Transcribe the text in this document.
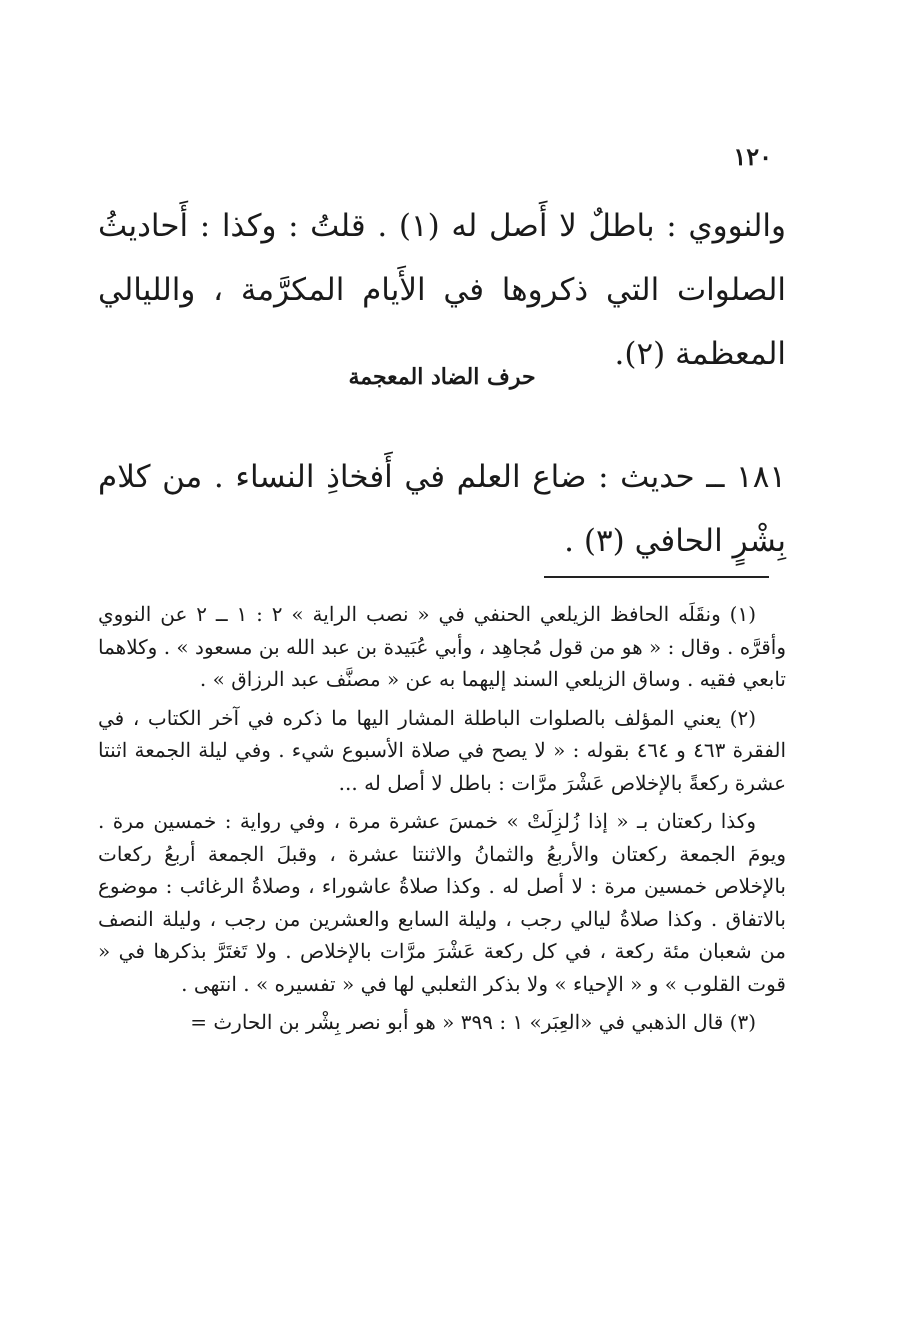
١٢٠
والنووي : باطلٌ لا أَصل له (١) . قلتُ : وكذا : أَحاديثُ الصلوات التي ذكروها في الأَيام المكرَّمة ، والليالي المعظمة (٢).
حرف الضاد المعجمة
١٨١ ــ حديث : ضاع العلم في أَفخاذِ النساء . من كلام بِشْرٍ الحافي (٣) .

(١) ونقَلَه الحافظ الزيلعي الحنفي في « نصب الراية » ٢ : ١ ــ ٢ عن النووي وأقرَّه . وقال : « هو من قول مُجاهِد ، وأبي عُبَيدة بن عبد الله بن مسعود » . وكلاهما تابعي فقيه . وساق الزيلعي السند إليهما به عن « مصنَّف عبد الرزاق » .

(٢) يعني المؤلف بالصلوات الباطلة المشار اليها ما ذكره في آخر الكتاب ، في الفقرة ٤٦٣ و ٤٦٤ بقوله : « لا يصح في صلاة الأسبوع شيء . وفي ليلة الجمعة اثنتا عشرة ركعةً بالإخلاص عَشْرَ مرَّات : باطل لا أصل له ...

وكذا ركعتان بـ « إذا زُلزِلَتْ » خمسَ عشرة مرة ، وفي رواية : خمسين مرة . ويومَ الجمعة ركعتان والأربعُ والثمانُ والاثنتا عشرة ، وقبلَ الجمعة أربعُ ركعات بالإخلاص خمسين مرة : لا أصل له . وكذا صلاةُ عاشوراء ، وصلاةُ الرغائب : موضوع بالاتفاق . وكذا صلاةُ ليالي رجب ، وليلة السابع والعشرين من رجب ، وليلة النصف من شعبان مئة ركعة ، في كل ركعة عَشْرَ مرَّات بالإخلاص . ولا تَغتَرَّ بذكرها في « قوت القلوب » و « الإحياء » ولا بذكر الثعلبي لها في « تفسيره » . انتهى .

(٣) قال الذهبي في «العِبَر» ١ : ٣٩٩ « هو أبو نصر بِشْر بن الحارث =
